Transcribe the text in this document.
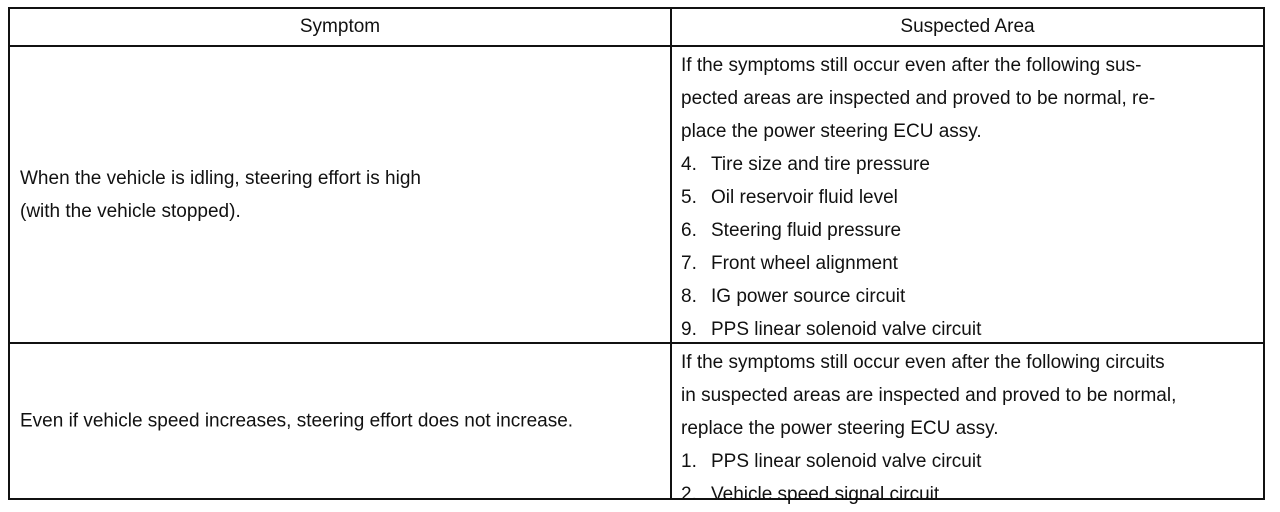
Symptom	Suspected Area
When the vehicle is idling, steering effort is high
(with the vehicle stopped).
If the symptoms still occur even after the following sus-
pected areas are inspected and proved to be normal, re-
place the power steering ECU assy.
4. Tire size and tire pressure
5. Oil reservoir fluid level
6. Steering fluid pressure
7. Front wheel alignment
8. IG power source circuit
9. PPS linear solenoid valve circuit
Even if vehicle speed increases, steering effort does not increase.
If the symptoms still occur even after the following circuits
in suspected areas are inspected and proved to be normal,
replace the power steering ECU assy.
1. PPS linear solenoid valve circuit
2. Vehicle speed signal circuit
